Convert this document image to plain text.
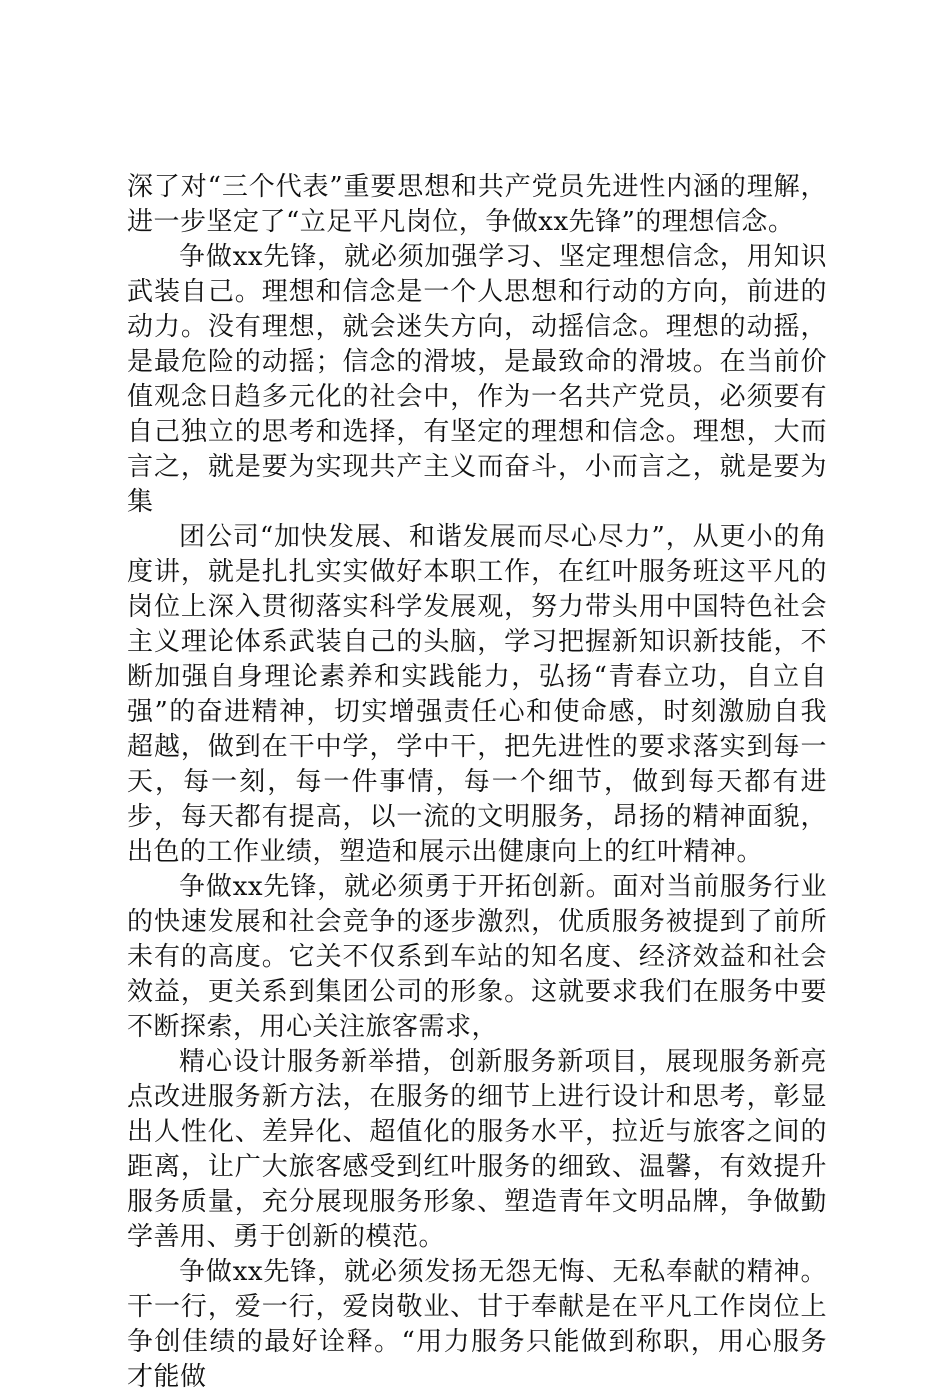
深了对“三个代表”重要思想和共产党员先进性内涵的理解，进一步坚定了“立足平凡岗位，争做xx先锋”的理想信念。

争做xx先锋，就必须加强学习、坚定理想信念，用知识武装自己。理想和信念是一个人思想和行动的方向，前进的动力。没有理想，就会迷失方向，动摇信念。理想的动摇，是最危险的动摇；信念的滑坡，是最致命的滑坡。在当前价值观念日趋多元化的社会中，作为一名共产党员，必须要有自己独立的思考和选择，有坚定的理想和信念。理想，大而言之，就是要为实现共产主义而奋斗，小而言之，就是要为集

团公司“加快发展、和谐发展而尽心尽力”，从更小的角度讲，就是扎扎实实做好本职工作，在红叶服务班这平凡的岗位上深入贯彻落实科学发展观，努力带头用中国特色社会主义理论体系武装自己的头脑，学习把握新知识新技能，不断加强自身理论素养和实践能力，弘扬“青春立功，自立自强”的奋进精神，切实增强责任心和使命感，时刻激励自我超越，做到在干中学，学中干，把先进性的要求落实到每一天，每一刻，每一件事情，每一个细节，做到每天都有进步，每天都有提高，以一流的文明服务，昂扬的精神面貌，出色的工作业绩，塑造和展示出健康向上的红叶精神。

争做xx先锋，就必须勇于开拓创新。面对当前服务行业的快速发展和社会竞争的逐步激烈，优质服务被提到了前所未有的高度。它关不仅系到车站的知名度、经济效益和社会效益，更关系到集团公司的形象。这就要求我们在服务中要不断探索，用心关注旅客需求，

精心设计服务新举措，创新服务新项目，展现服务新亮点改进服务新方法，在服务的细节上进行设计和思考，彰显出人性化、差异化、超值化的服务水平，拉近与旅客之间的距离，让广大旅客感受到红叶服务的细致、温馨，有效提升服务质量，充分展现服务形象、塑造青年文明品牌，争做勤学善用、勇于创新的模范。

争做xx先锋，就必须发扬无怨无悔、无私奉献的精神。干一行，爱一行，爱岗敬业、甘于奉献是在平凡工作岗位上争创佳绩的最好诠释。“用力服务只能做到称职，用心服务才能做
